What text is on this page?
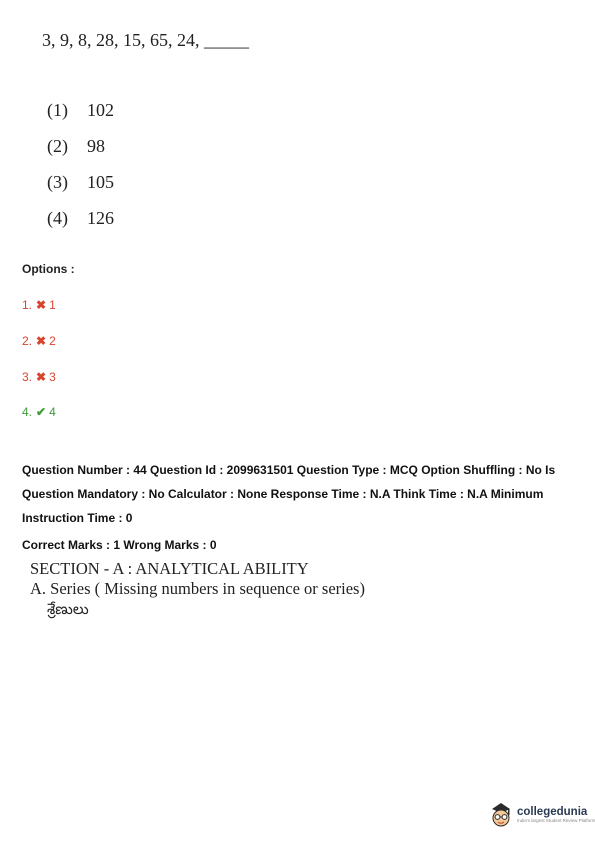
3, 9, 8, 28, 15, 65, 24, _____
(1) 102
(2) 98
(3) 105
(4) 126
Options :
1. ✖ 1
2. ✖ 2
3. ✖ 3
4. ✔ 4
Question Number : 44 Question Id : 2099631501 Question Type : MCQ Option Shuffling : No Is
Question Mandatory : No Calculator : None Response Time : N.A Think Time : N.A Minimum
Instruction Time : 0
Correct Marks : 1 Wrong Marks : 0
SECTION - A : ANALYTICAL ABILITY
A. Series ( Missing numbers in sequence or series)
శ్రేణులు
collegedunia
India's largest Student Review Platform
